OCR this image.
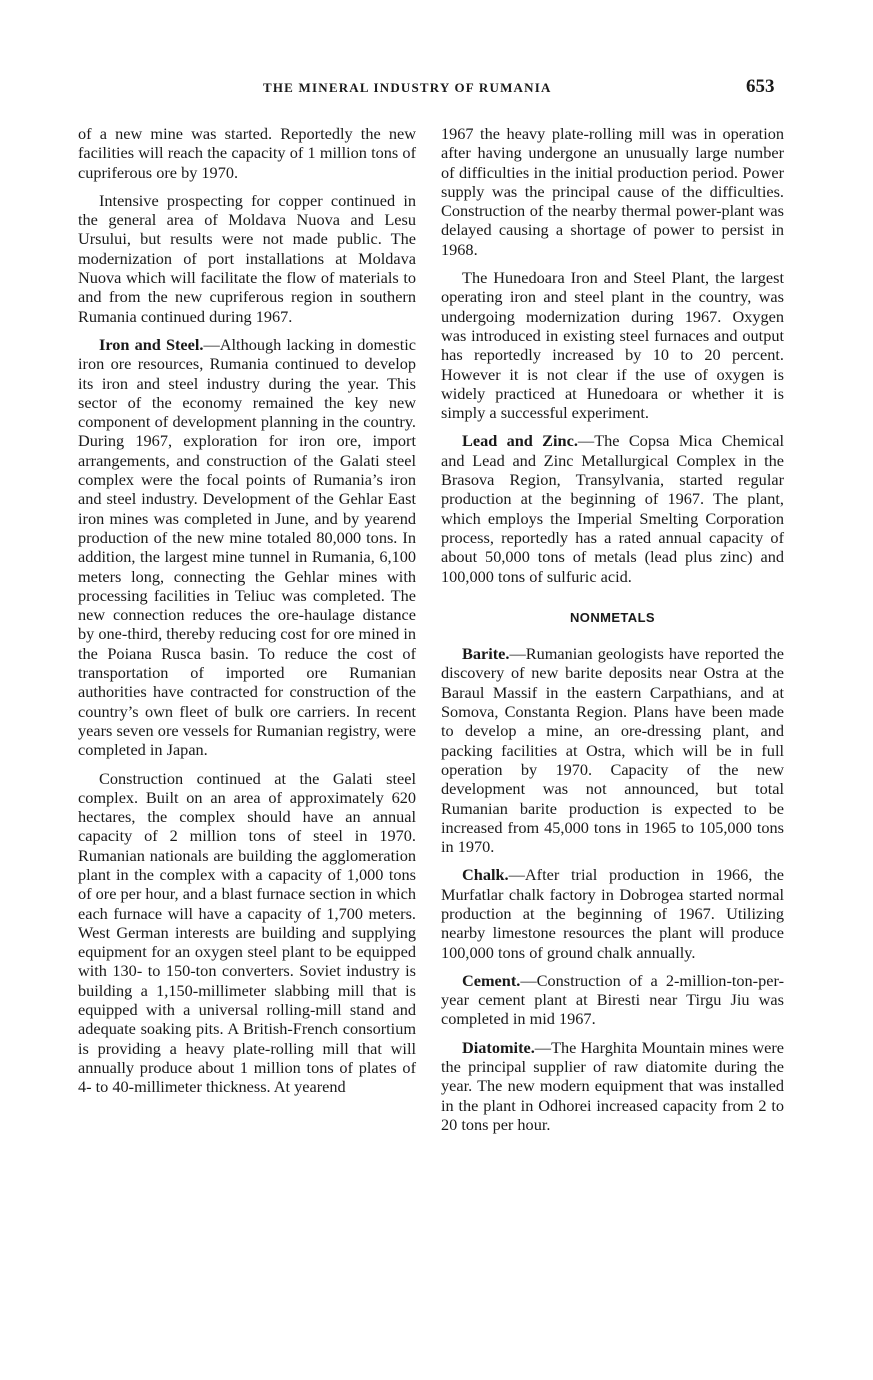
THE MINERAL INDUSTRY OF RUMANIA	653

of a new mine was started. Reportedly the new facilities will reach the capacity of 1 million tons of cupriferous ore by 1970.

Intensive prospecting for copper continued in the general area of Moldava Nuova and Lesu Ursului, but results were not made public. The modernization of port installations at Moldava Nuova which will facilitate the flow of materials to and from the new cupriferous region in southern Rumania continued during 1967.

Iron and Steel.—Although lacking in domestic iron ore resources, Rumania continued to develop its iron and steel industry during the year. This sector of the economy remained the key new component of development planning in the country. During 1967, exploration for iron ore, import arrangements, and construction of the Galati steel complex were the focal points of Rumania’s iron and steel industry. Development of the Gehlar East iron mines was completed in June, and by yearend production of the new mine totaled 80,000 tons. In addition, the largest mine tunnel in Rumania, 6,100 meters long, connecting the Gehlar mines with processing facilities in Teliuc was completed. The new connection reduces the ore-haulage distance by one-third, thereby reducing cost for ore mined in the Poiana Rusca basin. To reduce the cost of transportation of imported ore Rumanian authorities have contracted for construction of the country’s own fleet of bulk ore carriers. In recent years seven ore vessels for Rumanian registry, were completed in Japan.

Construction continued at the Galati steel complex. Built on an area of approximately 620 hectares, the complex should have an annual capacity of 2 million tons of steel in 1970. Rumanian nationals are building the agglomeration plant in the complex with a capacity of 1,000 tons of ore per hour, and a blast furnace section in which each furnace will have a capacity of 1,700 meters. West German interests are building and supplying equipment for an oxygen steel plant to be equipped with 130- to 150-ton converters. Soviet industry is building a 1,150-millimeter slabbing mill that is equipped with a universal rolling-mill stand and adequate soaking pits. A British-French consortium is providing a heavy plate-rolling mill that will annually produce about 1 million tons of plates of 4- to 40-millimeter thickness. At yearend

1967 the heavy plate-rolling mill was in operation after having undergone an unusually large number of difficulties in the initial production period. Power supply was the principal cause of the difficulties. Construction of the nearby thermal power-plant was delayed causing a shortage of power to persist in 1968.

The Hunedoara Iron and Steel Plant, the largest operating iron and steel plant in the country, was undergoing modernization during 1967. Oxygen was introduced in existing steel furnaces and output has reportedly increased by 10 to 20 percent. However it is not clear if the use of oxygen is widely practiced at Hunedoara or whether it is simply a successful experiment.

Lead and Zinc.—The Copsa Mica Chemical and Lead and Zinc Metallurgical Complex in the Brasova Region, Transylvania, started regular production at the beginning of 1967. The plant, which employs the Imperial Smelting Corporation process, reportedly has a rated annual capacity of about 50,000 tons of metals (lead plus zinc) and 100,000 tons of sulfuric acid.

NONMETALS

Barite.—Rumanian geologists have reported the discovery of new barite deposits near Ostra at the Baraul Massif in the eastern Carpathians, and at Somova, Constanta Region. Plans have been made to develop a mine, an ore-dressing plant, and packing facilities at Ostra, which will be in full operation by 1970. Capacity of the new development was not announced, but total Rumanian barite production is expected to be increased from 45,000 tons in 1965 to 105,000 tons in 1970.

Chalk.—After trial production in 1966, the Murfatlar chalk factory in Dobrogea started normal production at the beginning of 1967. Utilizing nearby limestone resources the plant will produce 100,000 tons of ground chalk annually.

Cement.—Construction of a 2-million-ton-per-year cement plant at Biresti near Tirgu Jiu was completed in mid 1967.

Diatomite.—The Harghita Mountain mines were the principal supplier of raw diatomite during the year. The new modern equipment that was installed in the plant in Odhorei increased capacity from 2 to 20 tons per hour.
